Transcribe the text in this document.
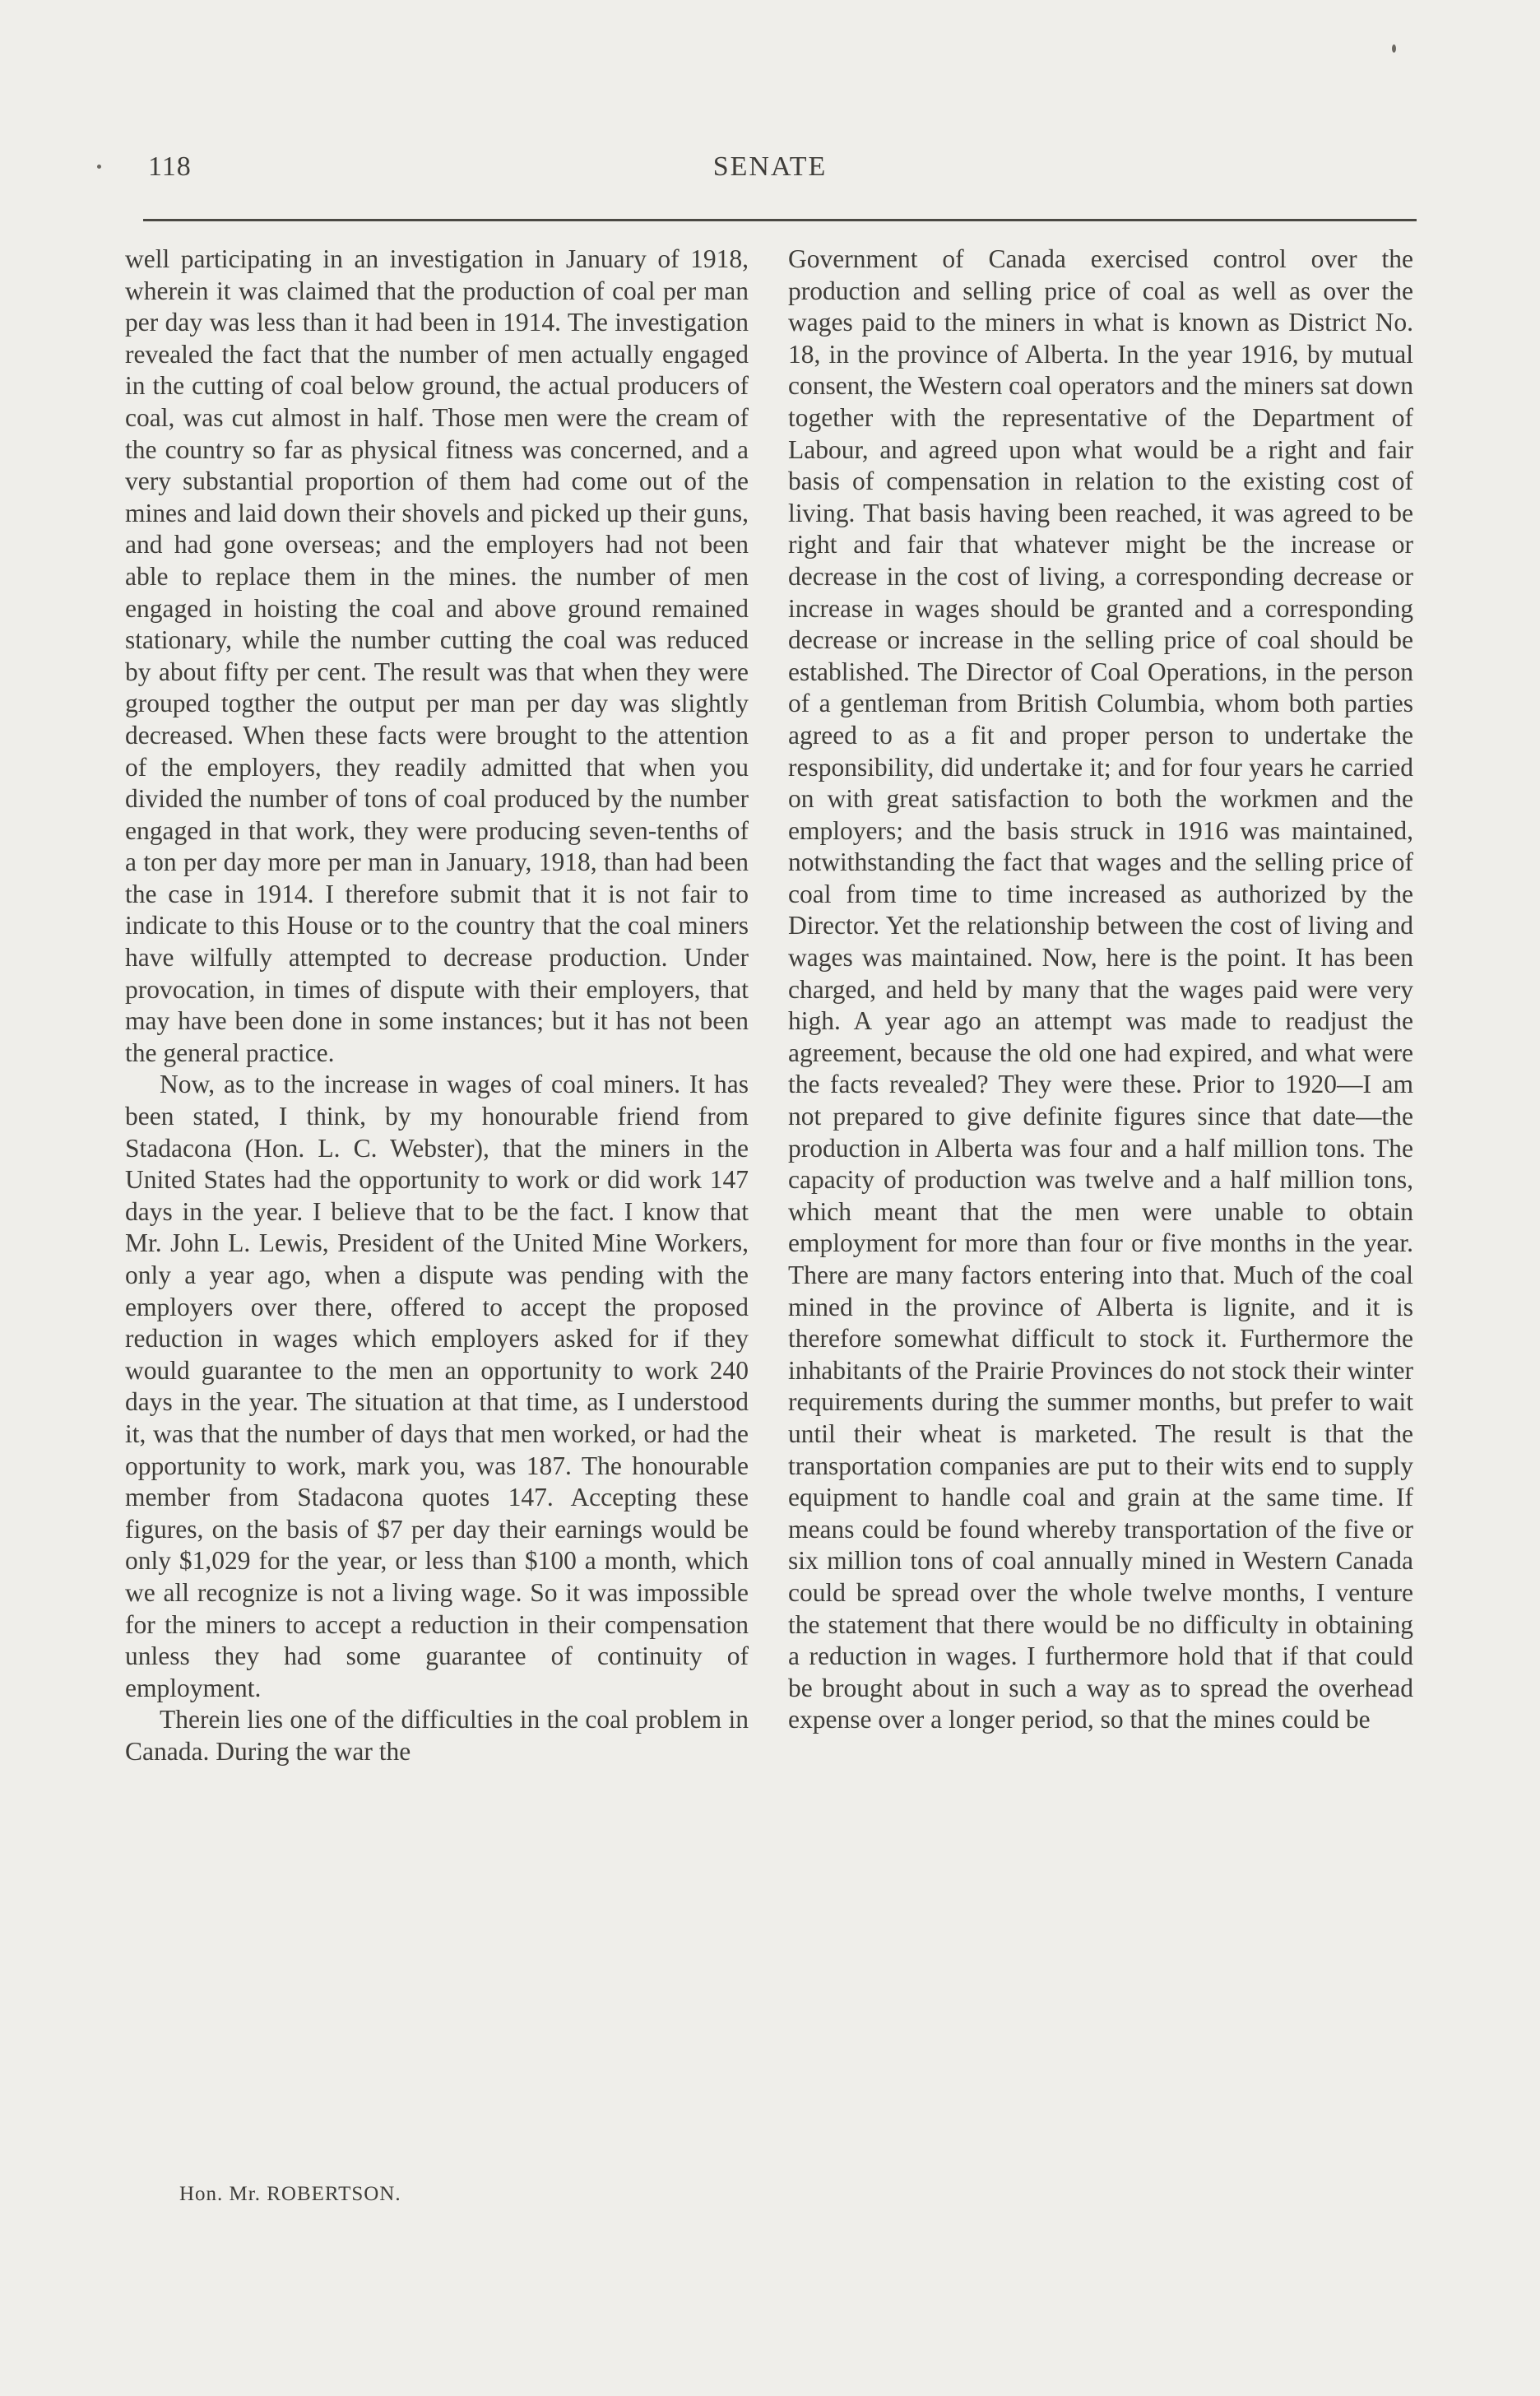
118	SENATE

well participating in an investigation in January of 1918, wherein it was claimed that the production of coal per man per day was less than it had been in 1914. The investigation revealed the fact that the number of men actually engaged in the cutting of coal below ground, the actual producers of coal, was cut almost in half. Those men were the cream of the country so far as physical fitness was concerned, and a very substantial proportion of them had come out of the mines and laid down their shovels and picked up their guns, and had gone overseas; and the employers had not been able to replace them in the mines. the number of men engaged in hoisting the coal and above ground remained stationary, while the number cutting the coal was reduced by about fifty per cent. The result was that when they were grouped togther the output per man per day was slightly decreased. When these facts were brought to the attention of the employers, they readily admitted that when you divided the number of tons of coal produced by the number engaged in that work, they were producing seven-tenths of a ton per day more per man in January, 1918, than had been the case in 1914. I therefore submit that it is not fair to indicate to this House or to the country that the coal miners have wilfully attempted to decrease production. Under provocation, in times of dispute with their employers, that may have been done in some instances; but it has not been the general practice.

Now, as to the increase in wages of coal miners. It has been stated, I think, by my honourable friend from Stadacona (Hon. L. C. Webster), that the miners in the United States had the opportunity to work or did work 147 days in the year. I believe that to be the fact. I know that Mr. John L. Lewis, President of the United Mine Workers, only a year ago, when a dispute was pending with the employers over there, offered to accept the proposed reduction in wages which employers asked for if they would guarantee to the men an opportunity to work 240 days in the year. The situation at that time, as I understood it, was that the number of days that men worked, or had the opportunity to work, mark you, was 187. The honourable member from Stadacona quotes 147. Accepting these figures, on the basis of $7 per day their earnings would be only $1,029 for the year, or less than $100 a month, which we all recognize is not a living wage. So it was impossible for the miners to accept a reduction in their compensation unless they had some guarantee of continuity of employment.

Therein lies one of the difficulties in the coal problem in Canada. During the war the

Government of Canada exercised control over the production and selling price of coal as well as over the wages paid to the miners in what is known as District No. 18, in the province of Alberta. In the year 1916, by mutual consent, the Western coal operators and the miners sat down together with the representative of the Department of Labour, and agreed upon what would be a right and fair basis of compensation in relation to the existing cost of living. That basis having been reached, it was agreed to be right and fair that whatever might be the increase or decrease in the cost of living, a corresponding decrease or increase in wages should be granted and a corresponding decrease or increase in the selling price of coal should be established. The Director of Coal Operations, in the person of a gentleman from British Columbia, whom both parties agreed to as a fit and proper person to undertake the responsibility, did undertake it; and for four years he carried on with great satisfaction to both the workmen and the employers; and the basis struck in 1916 was maintained, notwithstanding the fact that wages and the selling price of coal from time to time increased as authorized by the Director. Yet the relationship between the cost of living and wages was maintained. Now, here is the point. It has been charged, and held by many that the wages paid were very high. A year ago an attempt was made to readjust the agreement, because the old one had expired, and what were the facts revealed? They were these. Prior to 1920—I am not prepared to give definite figures since that date—the production in Alberta was four and a half million tons. The capacity of production was twelve and a half million tons, which meant that the men were unable to obtain employment for more than four or five months in the year. There are many factors entering into that. Much of the coal mined in the province of Alberta is lignite, and it is therefore somewhat difficult to stock it. Furthermore the inhabitants of the Prairie Provinces do not stock their winter requirements during the summer months, but prefer to wait until their wheat is marketed. The result is that the transportation companies are put to their wits end to supply equipment to handle coal and grain at the same time. If means could be found whereby transportation of the five or six million tons of coal annually mined in Western Canada could be spread over the whole twelve months, I venture the statement that there would be no difficulty in obtaining a reduction in wages. I furthermore hold that if that could be brought about in such a way as to spread the overhead expense over a longer period, so that the mines could be

Hon. Mr. ROBERTSON.
